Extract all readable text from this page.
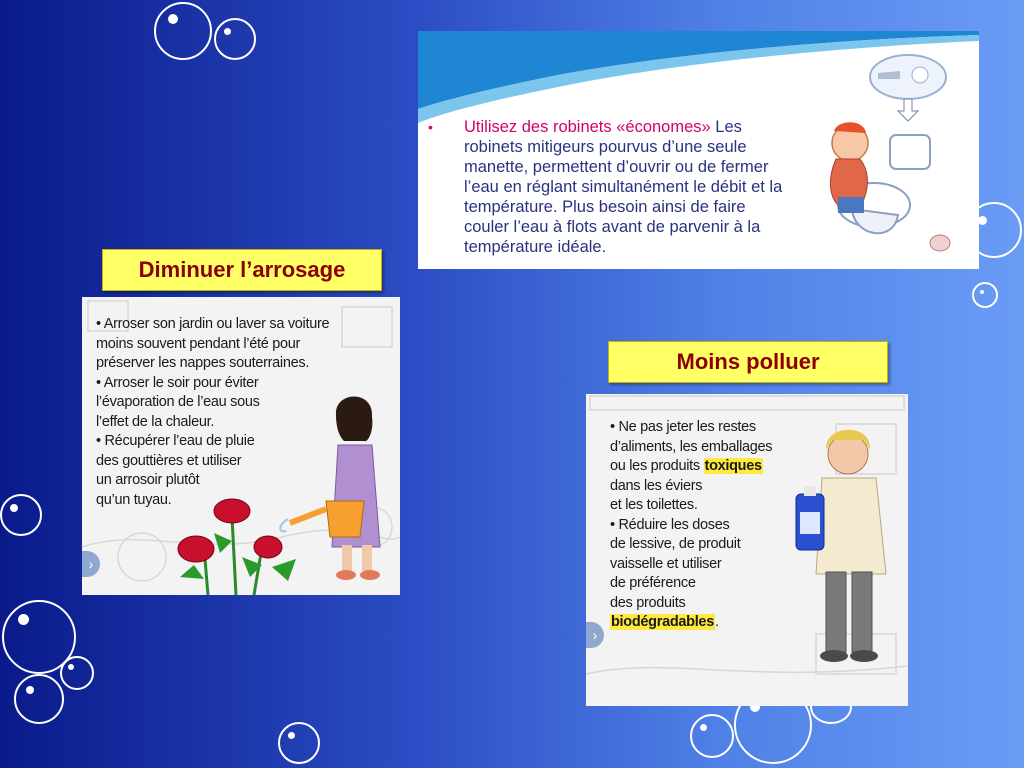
• Utilisez des robinets «économes» Les robinets mitigeurs pourvus d’une seule manette, permettent d’ouvrir ou de fermer l’eau en réglant simultanément le débit et la température. Plus besoin ainsi de faire couler l’eau à flots avant de parvenir à la température idéale.
Diminuer l’arrosage
• Arroser son jardin ou laver sa voiture
moins souvent pendant l’été pour
préserver les nappes souterraines.
• Arroser le soir pour éviter
l’évaporation de l’eau sous
l’effet de la chaleur.
• Récupérer l’eau de pluie
des gouttières et utiliser
un arrosoir plutôt
qu’un tuyau.
›
Moins polluer
• Ne pas jeter les restes
d’aliments, les emballages
ou les produits toxiques
dans les éviers
et les toilettes.
• Réduire les doses
de lessive, de produit
vaisselle et utiliser
de préférence
des produits
biodégradables.
›
